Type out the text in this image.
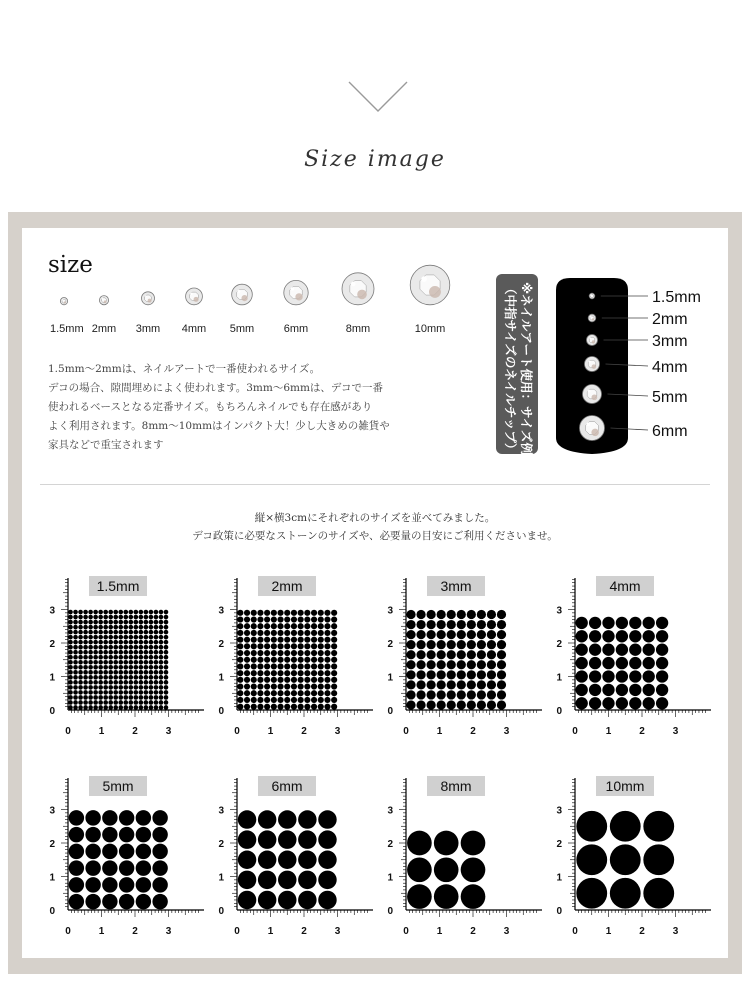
Size image
size
1.5mm 2mm 3mm 4mm 5mm	6mm	8mm	10mm
1.5mm～2mmは、ネイルアートで一番使われるサイズ。
デコの場合、隙間埋めによく使われます。3mm～6mmは、デコで一番
使われるベースとなる定番サイズ。もちろんネイルでも存在感があり
よく利用されます。8mm～10mmはインパクト大！少し大きめの雑貨や
家具などで重宝されます	※ネイルアート使用：サイズ例
（中指サイズのネイルチップ）	1.5mm
2mm
3mm
4mm
5mm
6mm
縦×横3cmにそれぞれのサイズを並べてみました。
デコ政策に必要なストーンのサイズや、必要量の目安にご利用くださいませ。
1.5mm
0
0
1
1
2
2
3
3
2mm
0
0
1
1
2
2
3
3
3mm
0
0
1
1
2
2
3
3
4mm
0
0
1
1
2
2
3
3
5mm
0
0
1
1
2
2
3
3
6mm
0
0
1
1
2
2
3
3
8mm
0
0
1
1
2
2
3
3
10mm
0
0
1
1
2
2
3
3
